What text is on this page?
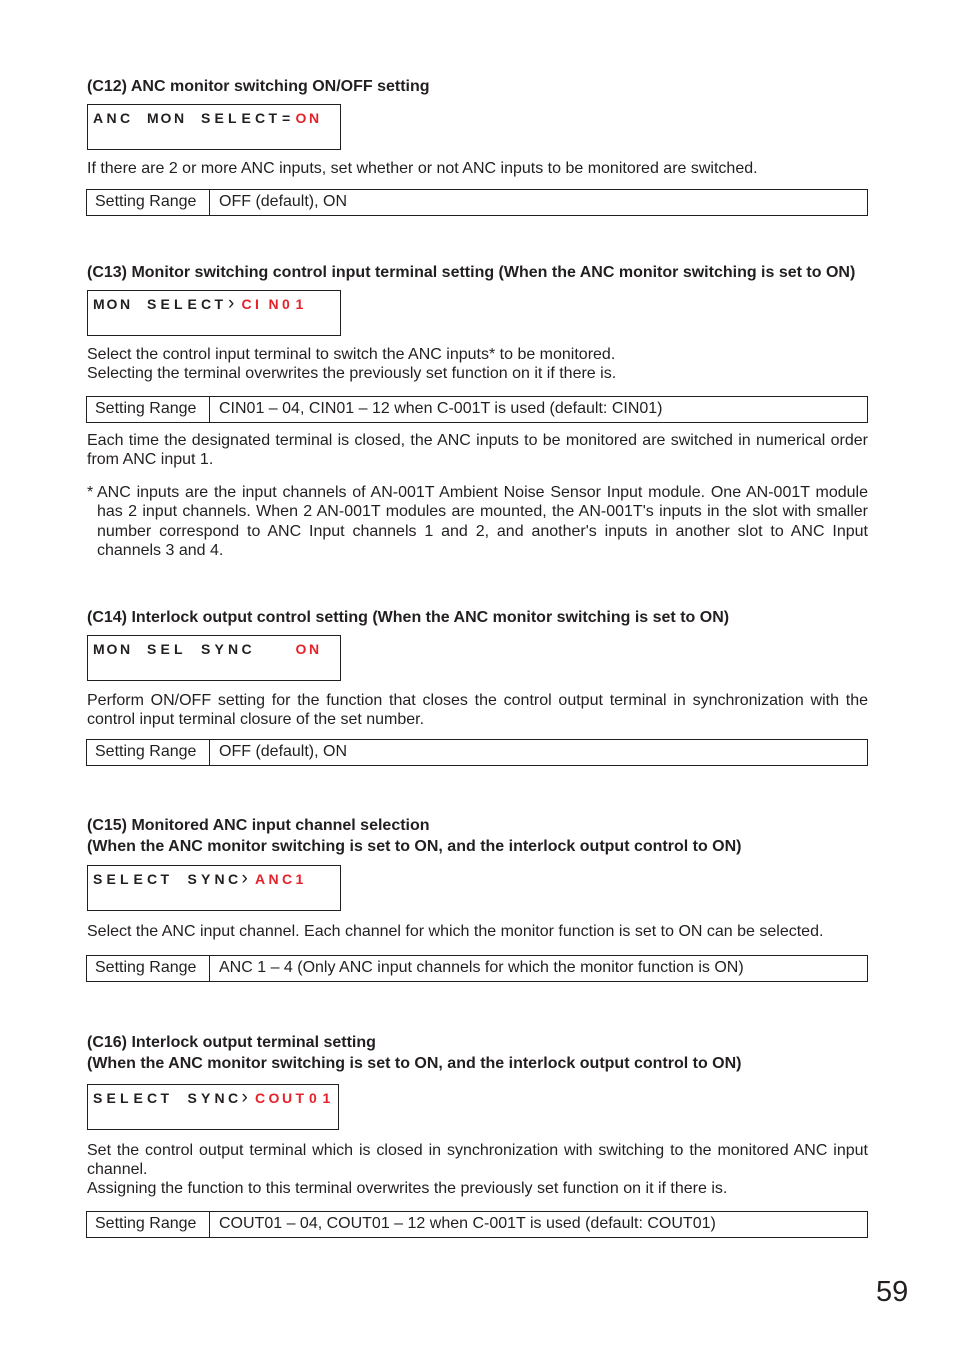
(C12) ANC monitor switching ON/OFF setting
A N C M O N S E L E C T = O N
If there are 2 or more ANC inputs, set whether or not ANC inputs to be monitored are switched.
Setting Range	OFF (default), ON
(C13) Monitor switching control input terminal setting (When the ANC monitor switching is set to ON)
M O N S E L E C T › C I N 0 1
Select the control input terminal to switch the ANC inputs* to be monitored.
Selecting the terminal overwrites the previously set function on it if there is.
Setting Range	CIN01 – 04, CIN01 – 12 when C-001T is used (default: CIN01)
Each time the designated terminal is closed, the ANC inputs to be monitored are switched in numerical order from ANC input 1.
* ANC inputs are the input channels of AN-001T Ambient Noise Sensor Input module. One AN-001T module has 2 input channels. When 2 AN-001T modules are mounted, the AN-001T's inputs in the slot with smaller number correspond to ANC Input channels 1 and 2, and another's inputs in another slot to ANC Input channels 3 and 4.
(C14) Interlock output control setting (When the ANC monitor switching is set to ON)
M O N S E L S Y N C	O N
Perform ON/OFF setting for the function that closes the control output terminal in synchronization with the control input terminal closure of the set number.
Setting Range	OFF (default), ON
(C15) Monitored ANC input channel selection
(When the ANC monitor switching is set to ON, and the interlock output control to ON)
S E L E C T S Y N C › A N C 1
Select the ANC input channel. Each channel for which the monitor function is set to ON can be selected.
Setting Range	ANC 1 – 4 (Only ANC input channels for which the monitor function is ON)
(C16) Interlock output terminal setting
(When the ANC monitor switching is set to ON, and the interlock output control to ON)
S E L E C T S Y N C › C O U T 0 1
Set the control output terminal which is closed in synchronization with switching to the monitored ANC input channel.
Assigning the function to this terminal overwrites the previously set function on it if there is.
Setting Range	COUT01 – 04, COUT01 – 12 when C-001T is used (default: COUT01)
59
